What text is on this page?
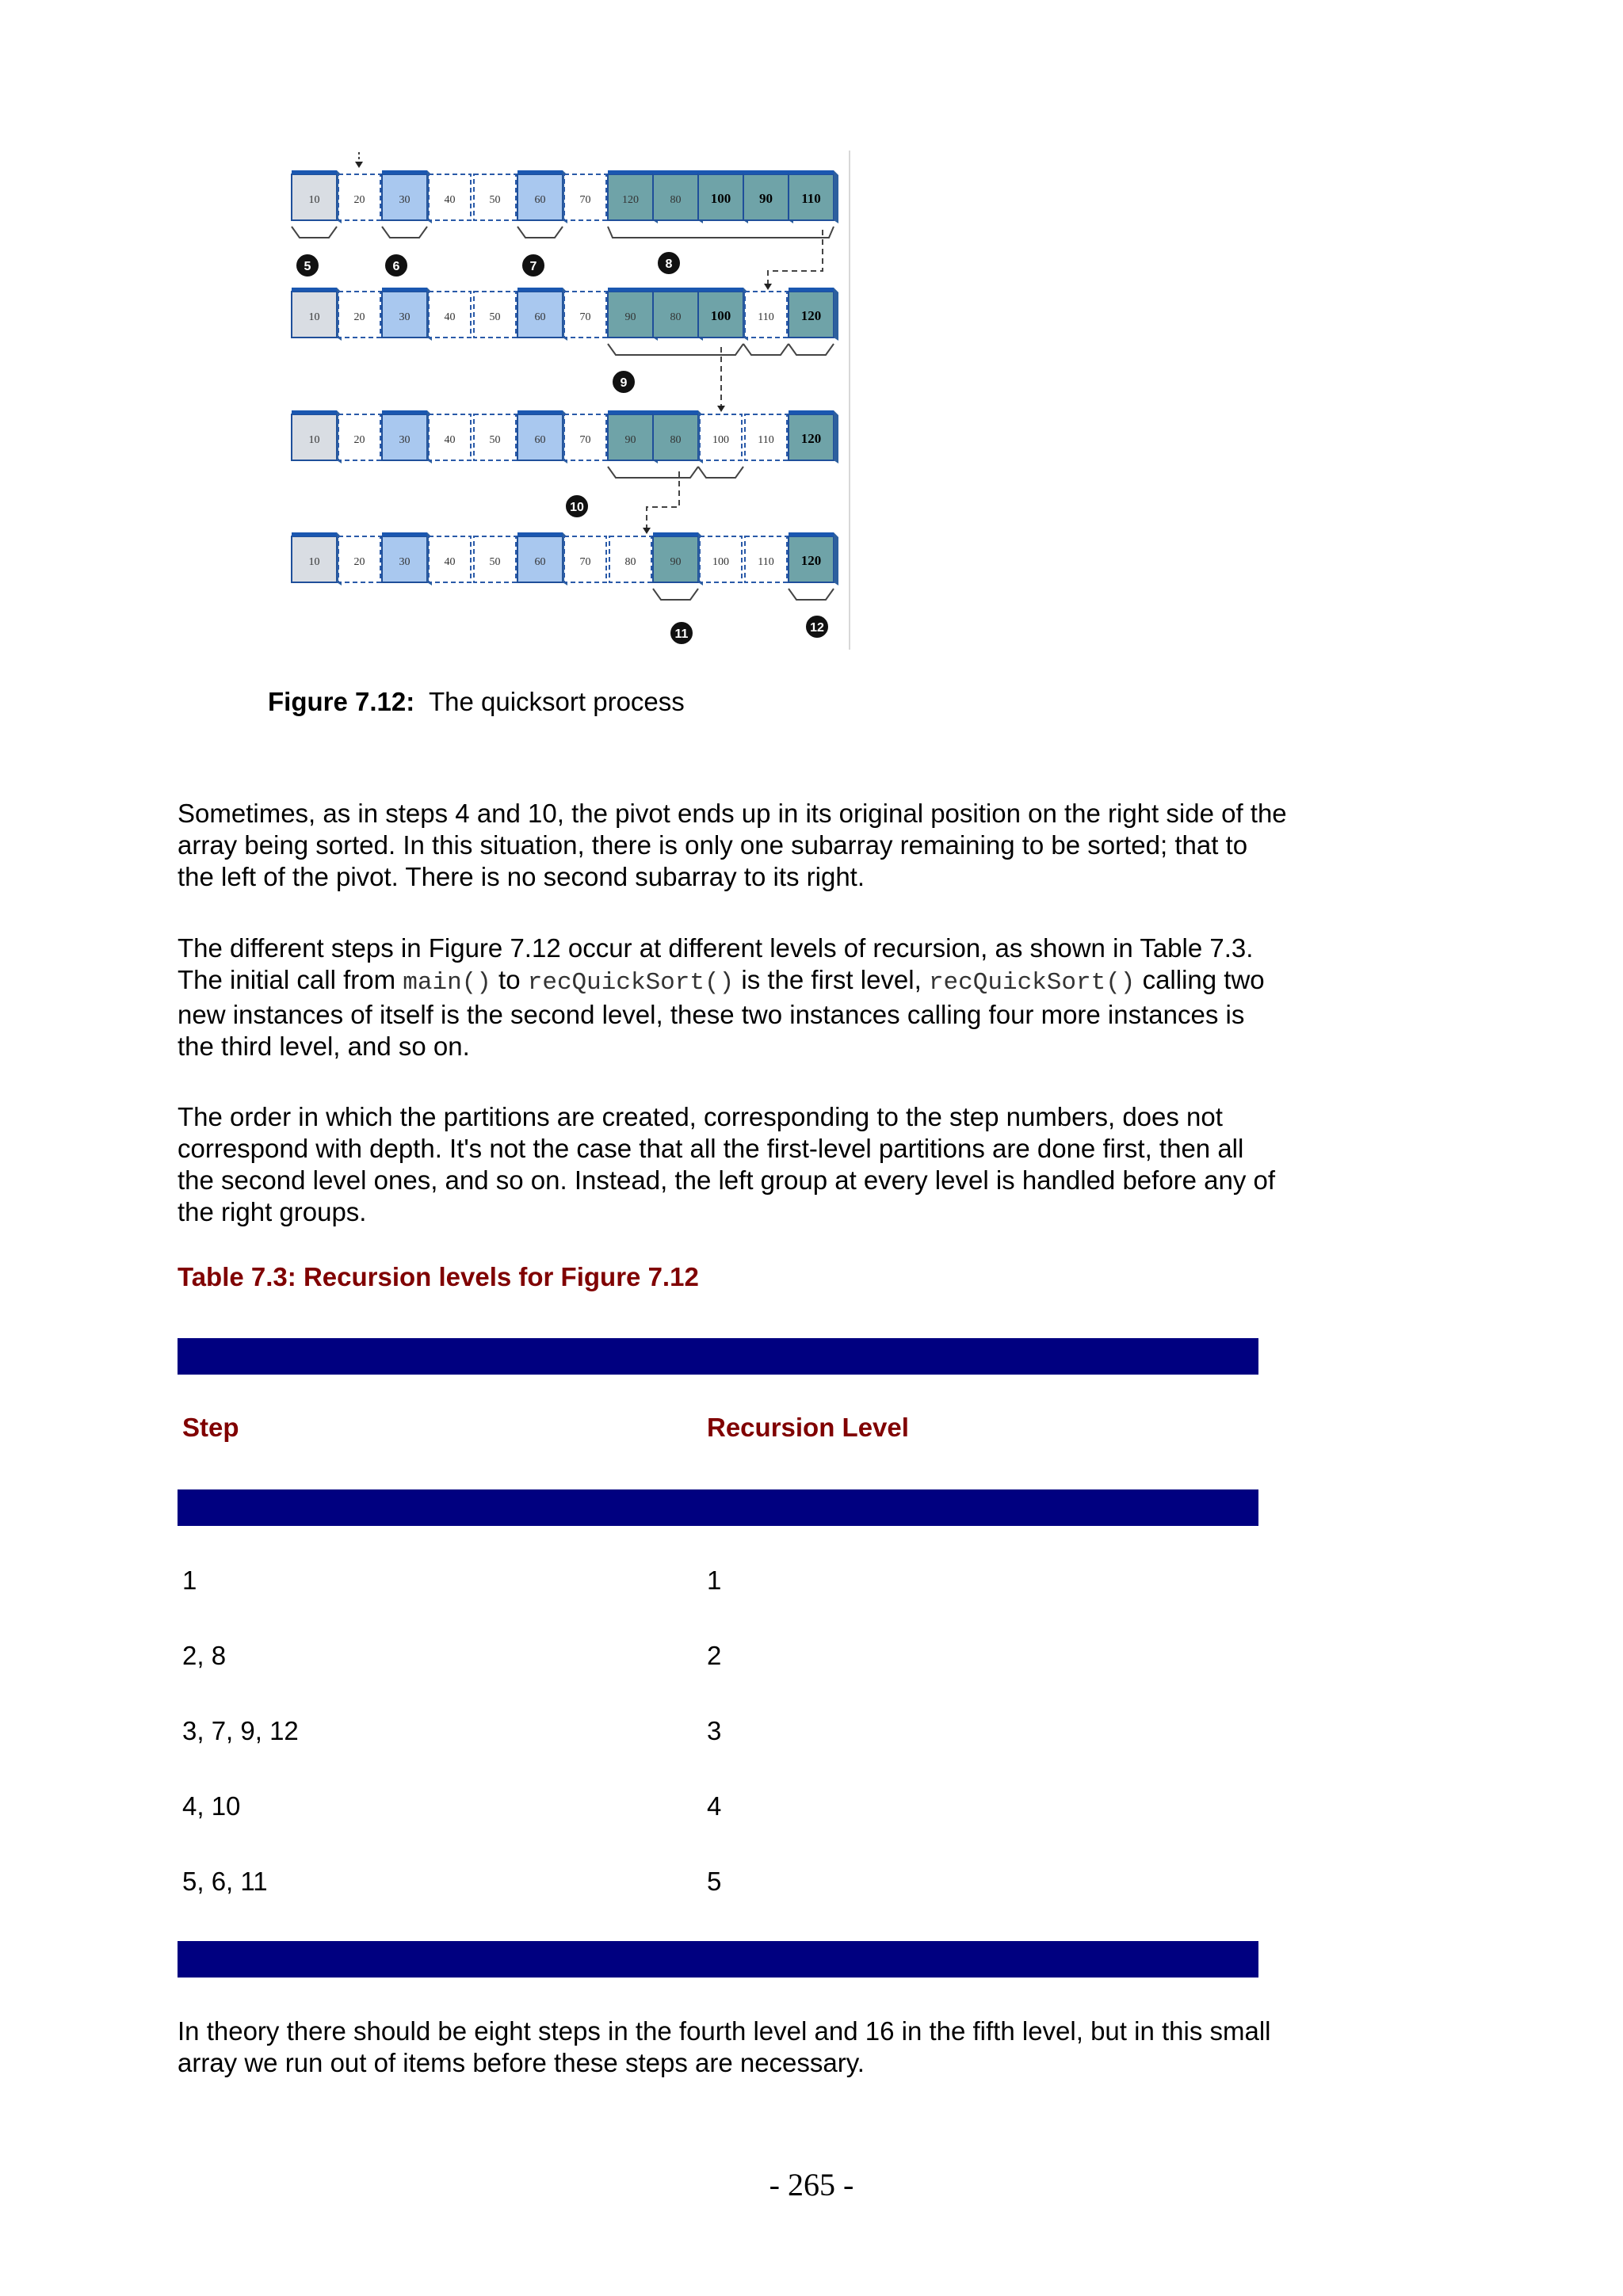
10	20	30	40	50	60	70	120	80 100 90 110
10	20	30	40	50	60	70	90	80 100 110 120
10	20	30	40	50	60	70	90	80	100	110 120
10	20	30	40	50	60	70	80	90	100	110 120
5	6	7	8
9
10
11	12
Figure 7.12: The quicksort process

Sometimes, as in steps 4 and 10, the pivot ends up in its original position on the right side of the array being sorted. In this situation, there is only one subarray remaining to be sorted; that to the left of the pivot. There is no second subarray to its right.

The different steps in Figure 7.12 occur at different levels of recursion, as shown in Table 7.3. The initial call from main() to recQuickSort() is the first level, recQuickSort() calling two new instances of itself is the second level, these two instances calling four more instances is the third level, and so on.

The order in which the partitions are created, corresponding to the step numbers, does not correspond with depth. It's not the case that all the first-level partitions are done first, then all the second level ones, and so on. Instead, the left group at every level is handled before any of the right groups.

Table 7.3: Recursion levels for Figure 7.12
Step	Recursion Level
1	1
2, 8	2
3, 7, 9, 12	3
4, 10	4
5, 6, 11	5

In theory there should be eight steps in the fourth level and 16 in the fifth level, but in this small array we run out of items before these steps are necessary.

- 265 -
